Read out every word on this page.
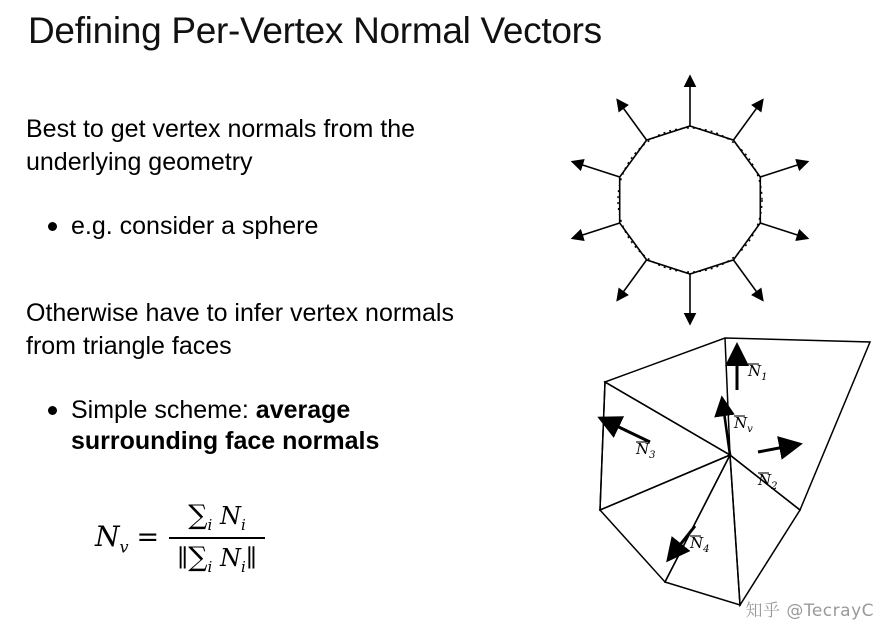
Defining Per-Vertex Normal Vectors
Best to get vertex normals from the underlying geometry
e.g. consider a sphere
Otherwise have to infer vertex normals from triangle faces
Simple scheme: average surrounding face normals
$N_v = \frac{\sum_i N_i}{\parallel\sum_i N_i\parallel}$
$N_1$
$N_v$
$N_2$
$N_3$
$N_4$
知乎 @TecrayC
